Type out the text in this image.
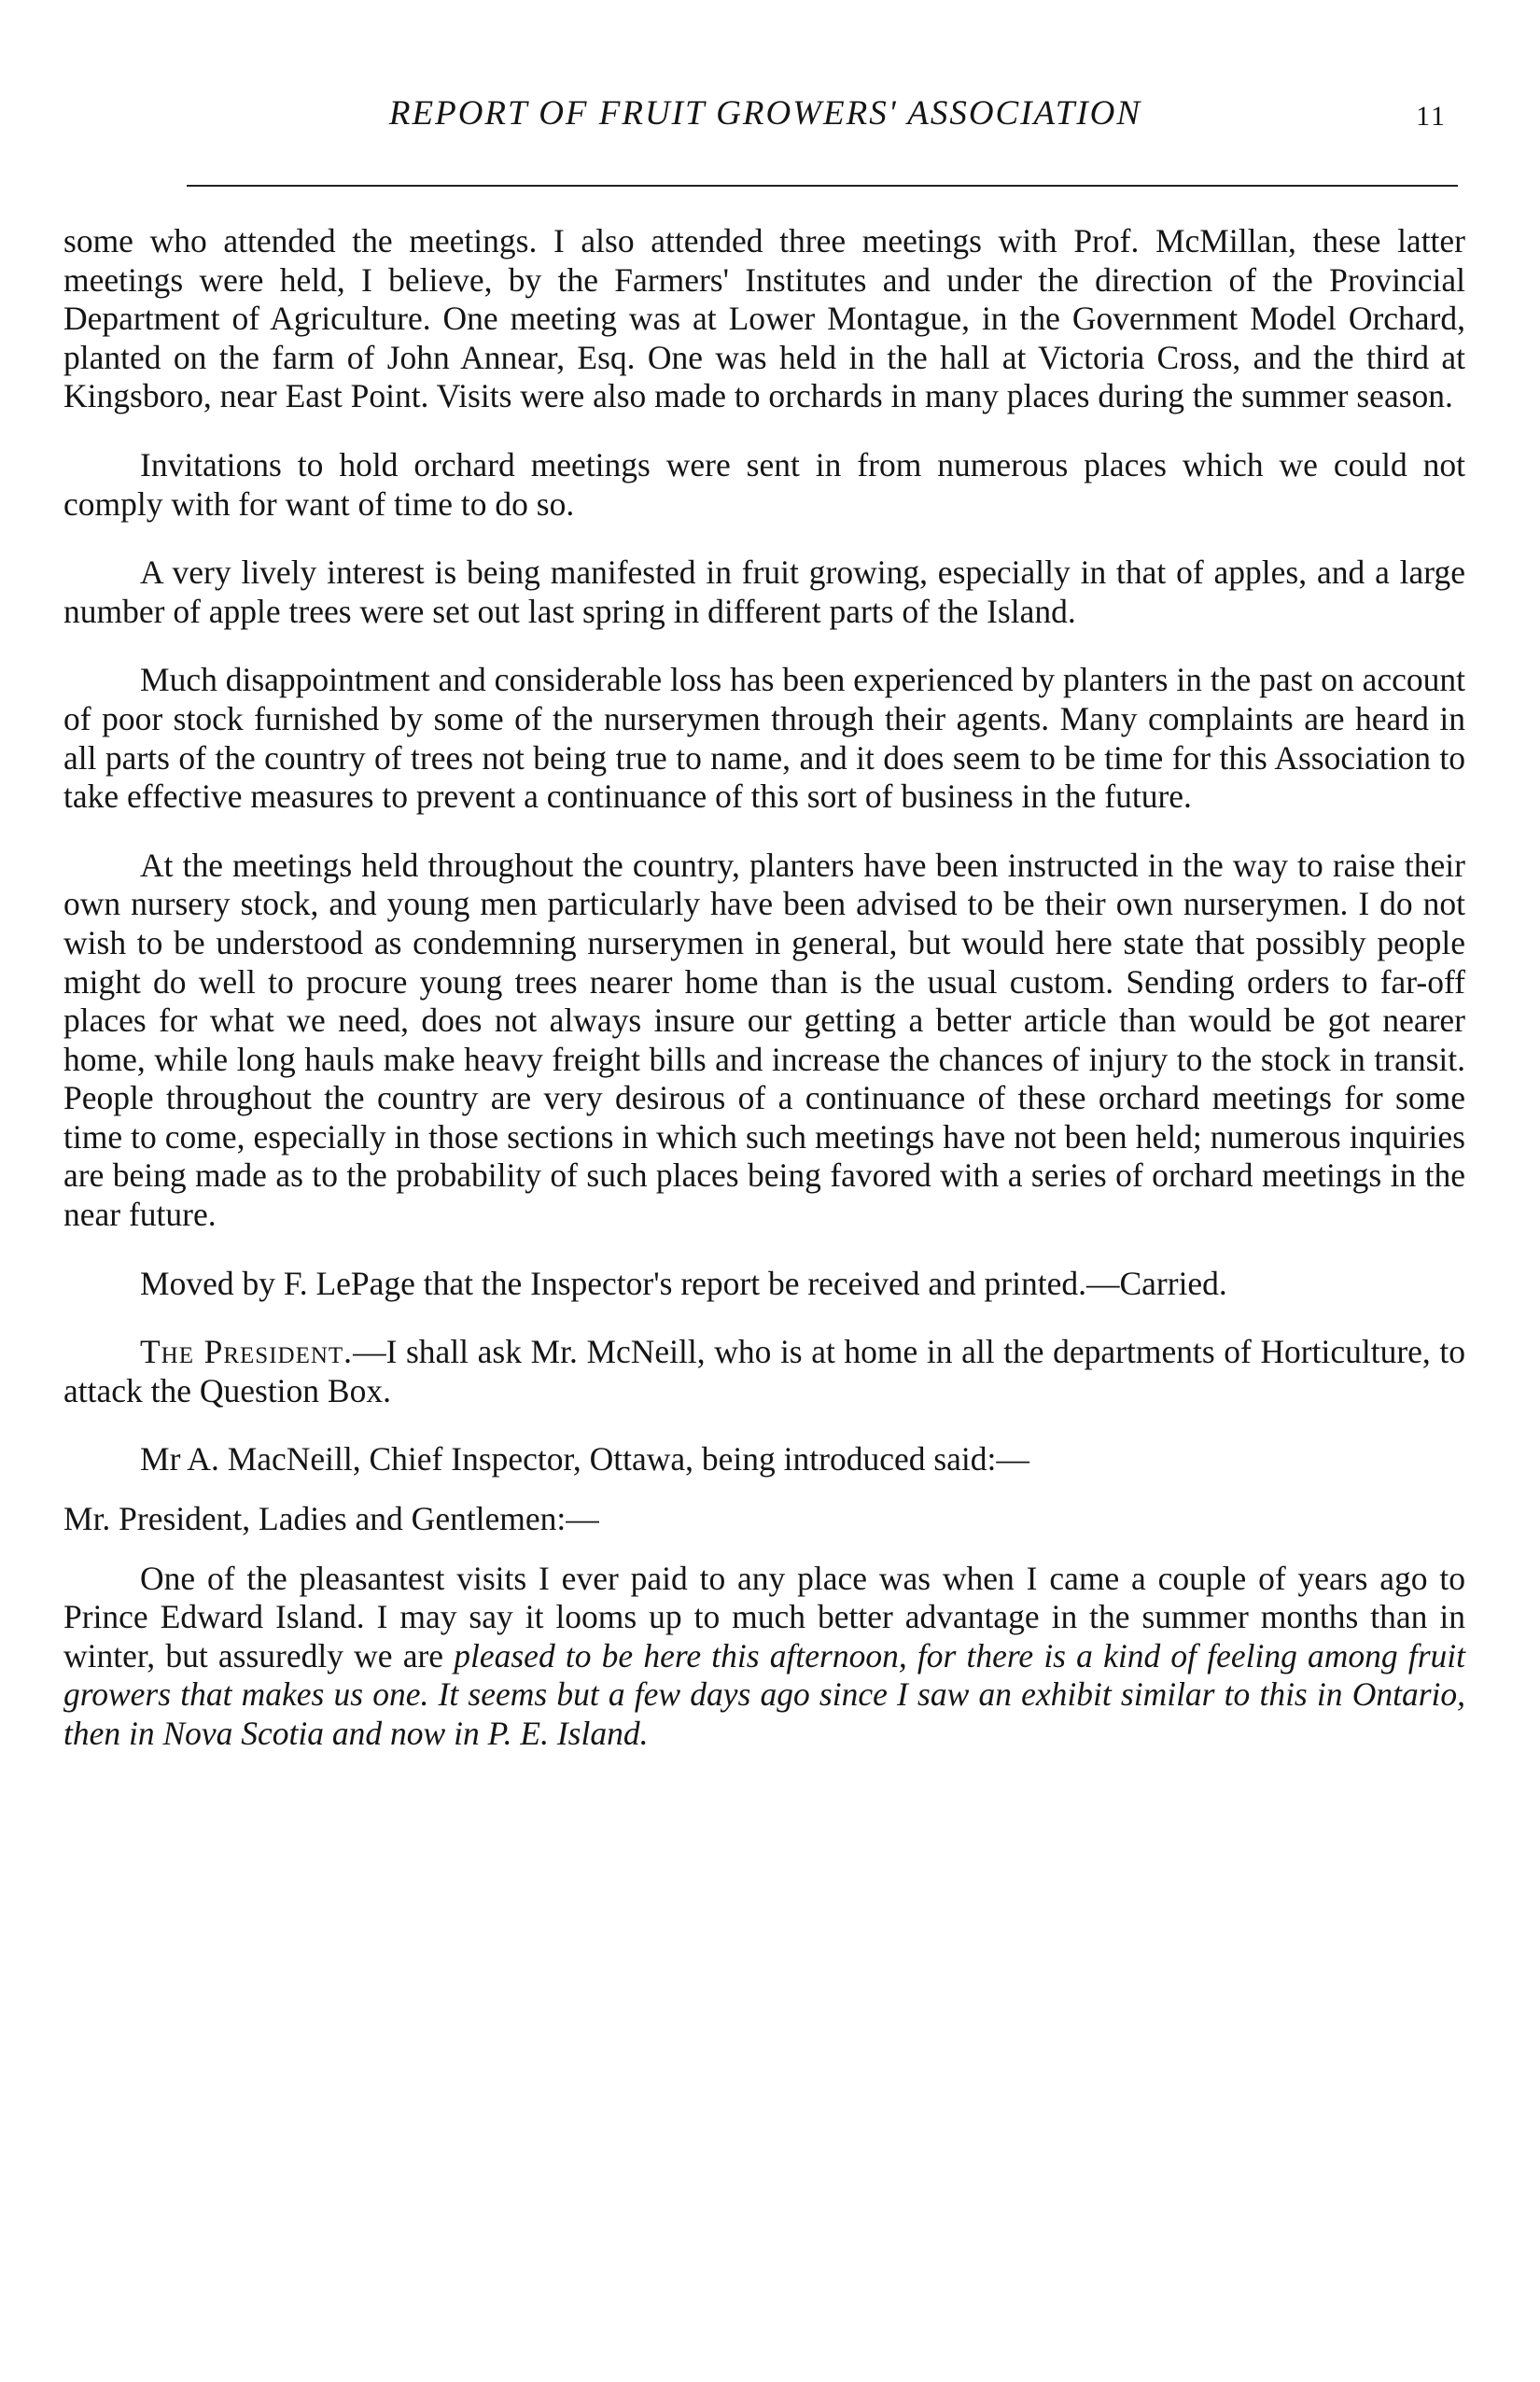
REPORT OF FRUIT GROWERS' ASSOCIATION	11

some who attended the meetings. I also attended three meetings with Prof. McMillan, these latter meetings were held, I believe, by the Farmers' Institutes and under the direction of the Provincial Department of Agriculture. One meeting was at Lower Montague, in the Government Model Orchard, planted on the farm of John Annear, Esq. One was held in the hall at Victoria Cross, and the third at Kingsboro, near East Point. Visits were also made to orchards in many places during the summer season.

Invitations to hold orchard meetings were sent in from numerous places which we could not comply with for want of time to do so.

A very lively interest is being manifested in fruit growing, especially in that of apples, and a large number of apple trees were set out last spring in different parts of the Island.

Much disappointment and considerable loss has been experienced by planters in the past on account of poor stock furnished by some of the nurserymen through their agents. Many complaints are heard in all parts of the country of trees not being true to name, and it does seem to be time for this Association to take effective measures to prevent a continuance of this sort of business in the future.

At the meetings held throughout the country, planters have been instructed in the way to raise their own nursery stock, and young men particularly have been advised to be their own nurserymen. I do not wish to be understood as condemning nurserymen in general, but would here state that possibly people might do well to procure young trees nearer home than is the usual custom. Sending orders to far-off places for what we need, does not always insure our getting a better article than would be got nearer home, while long hauls make heavy freight bills and increase the chances of injury to the stock in transit. People throughout the country are very desirous of a continuance of these orchard meetings for some time to come, especially in those sections in which such meetings have not been held; numerous inquiries are being made as to the probability of such places being favored with a series of orchard meetings in the near future.

Moved by F. LePage that the Inspector's report be received and printed.—Carried.

The President.—I shall ask Mr. McNeill, who is at home in all the departments of Horticulture, to attack the Question Box.

Mr A. MacNeill, Chief Inspector, Ottawa, being introduced said:—

Mr. President, Ladies and Gentlemen:—

One of the pleasantest visits I ever paid to any place was when I came a couple of years ago to Prince Edward Island. I may say it looms up to much better advantage in the summer months than in winter, but assuredly we are pleased to be here this afternoon, for there is a kind of feeling among fruit growers that makes us one. It seems but a few days ago since I saw an exhibit similar to this in Ontario, then in Nova Scotia and now in P. E. Island.
